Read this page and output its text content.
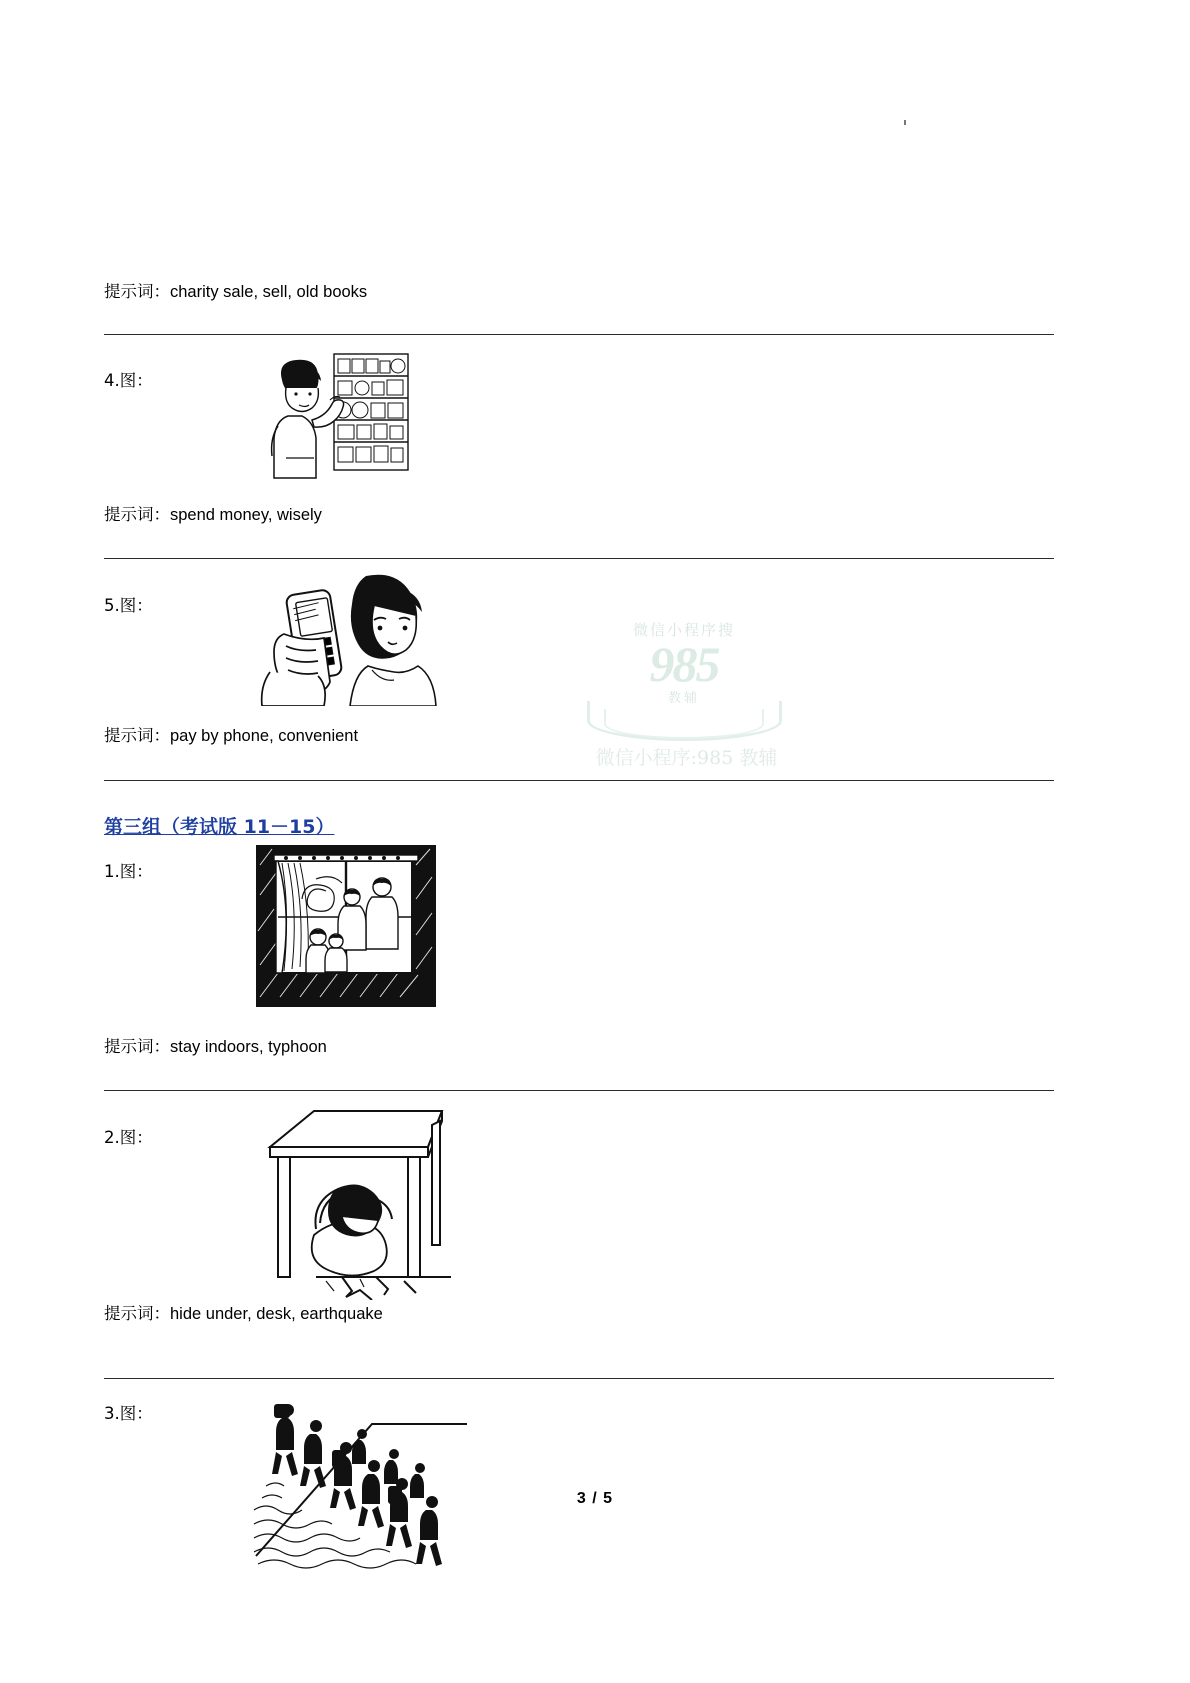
提示词：charity sale, sell, old books
4.图：
提示词：spend money, wisely
5.图：
提示词：pay by phone, convenient
第三组（考试版 11－15）
1.图：
提示词：stay indoors, typhoon
2.图：
提示词：hide under, desk, earthquake
3.图：
微信小程序搜
985
教辅
微信小程序:985 教辅
3 / 5
